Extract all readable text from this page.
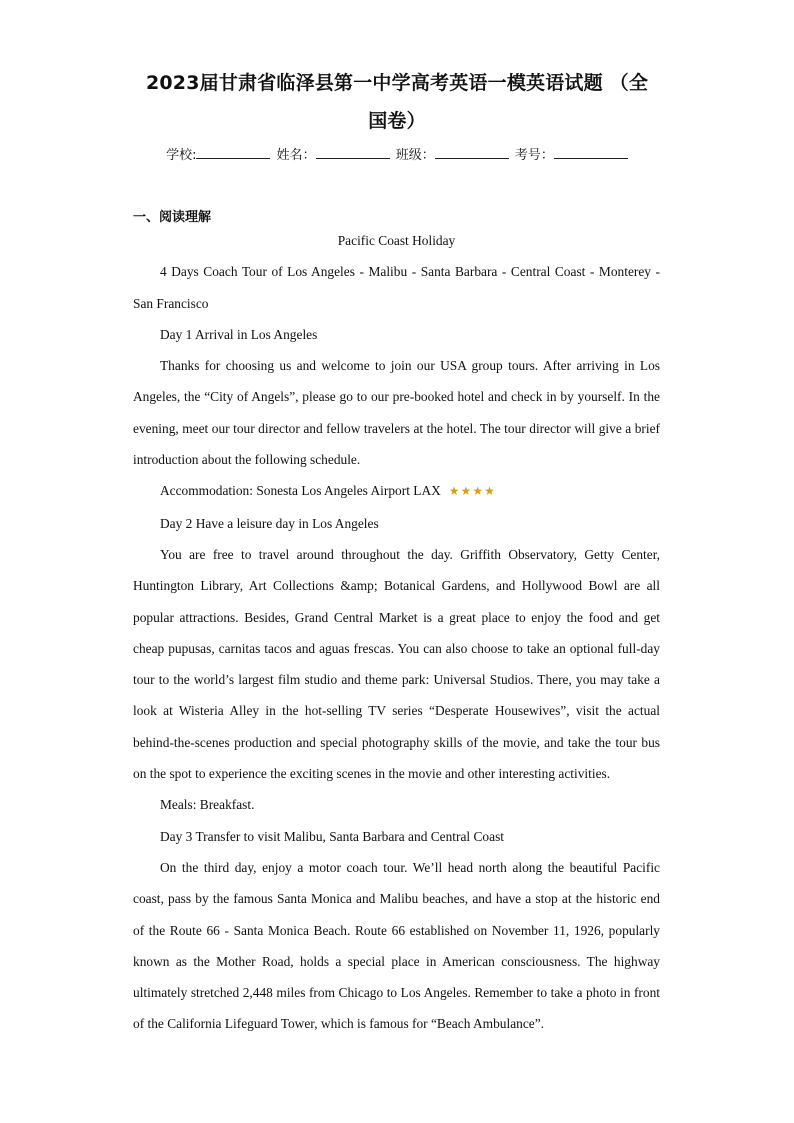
2023届甘肃省临泽县第一中学高考英语一模英语试题 （全
国卷）
学校:	姓名：	班级：	考号：
一、阅读理解

Pacific Coast Holiday

4 Days Coach Tour of Los Angeles - Malibu - Santa Barbara - Central Coast - Monterey - San Francisco

Day 1 Arrival in Los Angeles

Thanks for choosing us and welcome to join our USA group tours. After arriving in Los Angeles, the “City of Angels”, please go to our pre-booked hotel and check in by yourself. In the evening, meet our tour director and fellow travelers at the hotel. The tour director will give a brief introduction about the following schedule.

Accommodation: Sonesta Los Angeles Airport LAX ★★★★

Day 2 Have a leisure day in Los Angeles

You are free to travel around throughout the day. Griffith Observatory, Getty Center, Huntington Library, Art Collections &amp; Botanical Gardens, and Hollywood Bowl are all popular attractions. Besides, Grand Central Market is a great place to enjoy the food and get cheap pupusas, carnitas tacos and aguas frescas. You can also choose to take an optional full-day tour to the world’s largest film studio and theme park: Universal Studios. There, you may take a look at Wisteria Alley in the hot-selling TV series “Desperate Housewives”, visit the actual behind-the-scenes production and special photography skills of the movie, and take the tour bus on the spot to experience the exciting scenes in the movie and other interesting activities.

Meals: Breakfast.

Day 3 Transfer to visit Malibu, Santa Barbara and Central Coast

On the third day, enjoy a motor coach tour. We’ll head north along the beautiful Pacific coast, pass by the famous Santa Monica and Malibu beaches, and have a stop at the historic end of the Route 66 - Santa Monica Beach. Route 66 established on November 11, 1926, popularly known as the Mother Road, holds a special place in American consciousness. The highway ultimately stretched 2,448 miles from Chicago to Los Angeles. Remember to take a photo in front of the California Lifeguard Tower, which is famous for “Beach Ambulance”.
